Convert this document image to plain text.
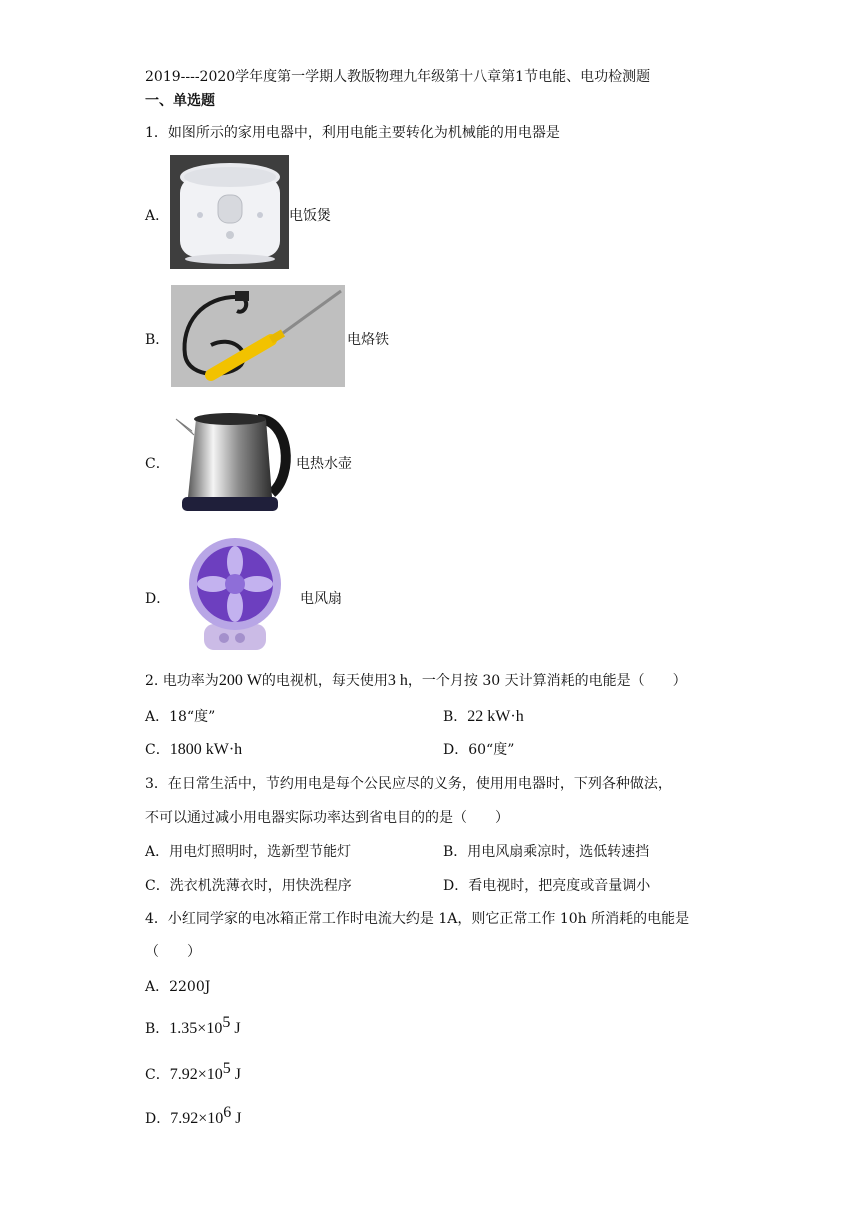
2019----2020学年度第一学期人教版物理九年级第十八章第1节电能、电功检测题
一、单选题
1．如图所示的家用电器中，利用电能主要转化为机械能的用电器是
A．	电饭煲
B．	电烙铁
C．	电热水壶
D．	电风扇
2. 电功率为200 W的电视机，每天使用3 h，一个月按 30 天计算消耗的电能是（　　）
A．18“度”	B．22 kW·h
C．1800 kW·h	D．60“度”
3．在日常生活中，节约用电是每个公民应尽的义务，使用用电器时，下列各种做法，
不可以通过减小用电器实际功率达到省电目的的是（　　）
A．用电灯照明时，选新型节能灯	B．用电风扇乘凉时，选低转速挡
C．洗衣机洗薄衣时，用快洗程序	D．看电视时，把亮度或音量调小
4．小红同学家的电冰箱正常工作时电流大约是 1A，则它正常工作 10h 所消耗的电能是
（　　）
A．2200J
B．$1.35\times 10^5$ J
C．$7.92\times 10^5$ J
D．$7.92\times 10^6$ J
